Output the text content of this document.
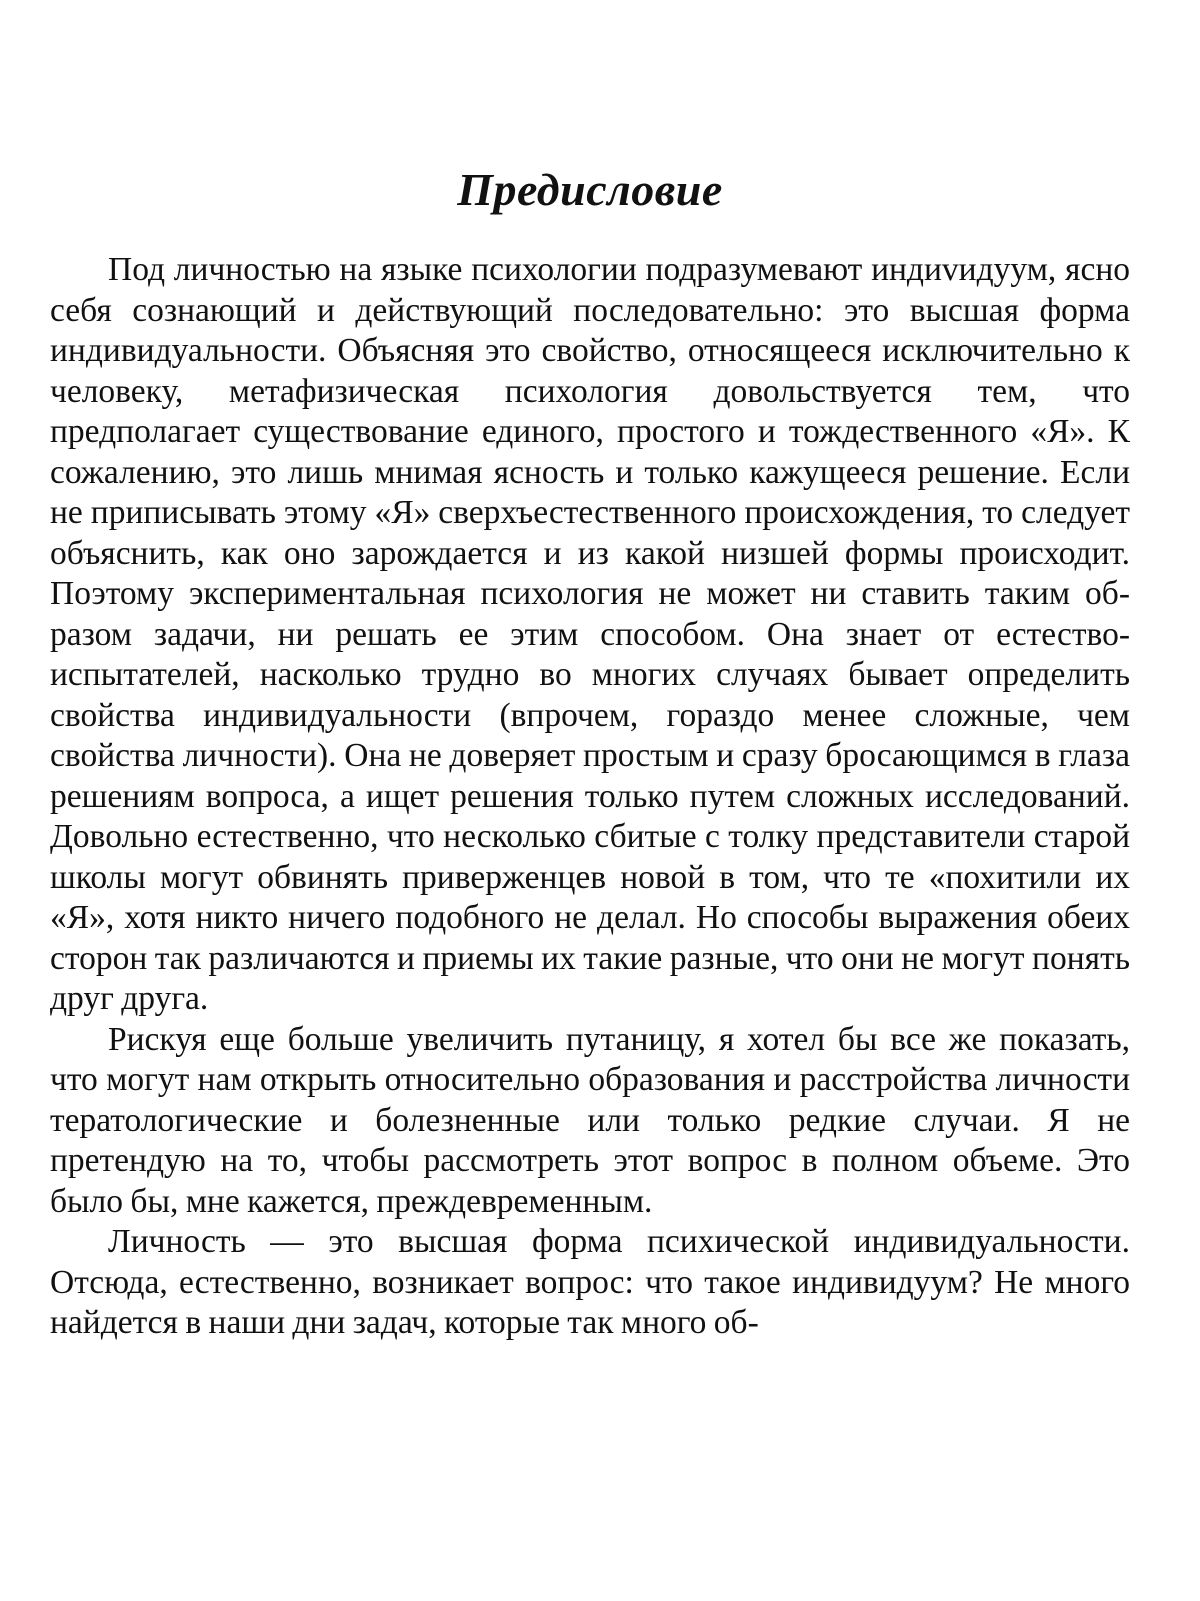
Предисловие

Под личностью на языке психологии подразумевают индиvидуум, ясно себя сознающий и действующий последовательно: это высшая форма индивидуальности. Объясняя это свойство, относящееся исключительно к человеку, метафизическая психология довольствуется тем, что предполагает существование единого, простого и тождественного «Я». К сожалению, это лишь мнимая ясность и только кажущееся решение. Если не приписывать этому «Я» сверхъестественного происхождения, то следует объяснить, как оно зарождается и из какой низшей формы происходит. Поэтому экспериментальная психология не может ни ставить таким образом задачи, ни решать ее этим способом. Она знает от естествоиспытателей, насколько трудно во многих случаях бывает определить свойства индивидуальности (впрочем, гораздо менее сложные, чем свойства личности). Она не доверяет простым и сразу бросающимся в глаза решениям вопроса, а ищет решения только путем сложных исследований. Довольно естественно, что несколько сбитые с толку представители старой школы могут обвинять приверженцев новой в том, что те «похитили их «Я», хотя никто ничего подобного не делал. Но способы выражения обеих сторон так различаются и приемы их такие разные, что они не могут понять друг друга.

Рискуя еще больше увеличить путаницу, я хотел бы все же показать, что могут нам открыть относительно образования и расстройства личности тератологические и болезненные или только редкие случаи. Я не претендую на то, чтобы рассмотреть этот вопрос в полном объеме. Это было бы, мне кажется, преждевременным.

Личность — это высшая форма психической индивидуальности. Отсюда, естественно, возникает вопрос: что такое индивидуум? Не много найдется в наши дни задач, которые так много об-
